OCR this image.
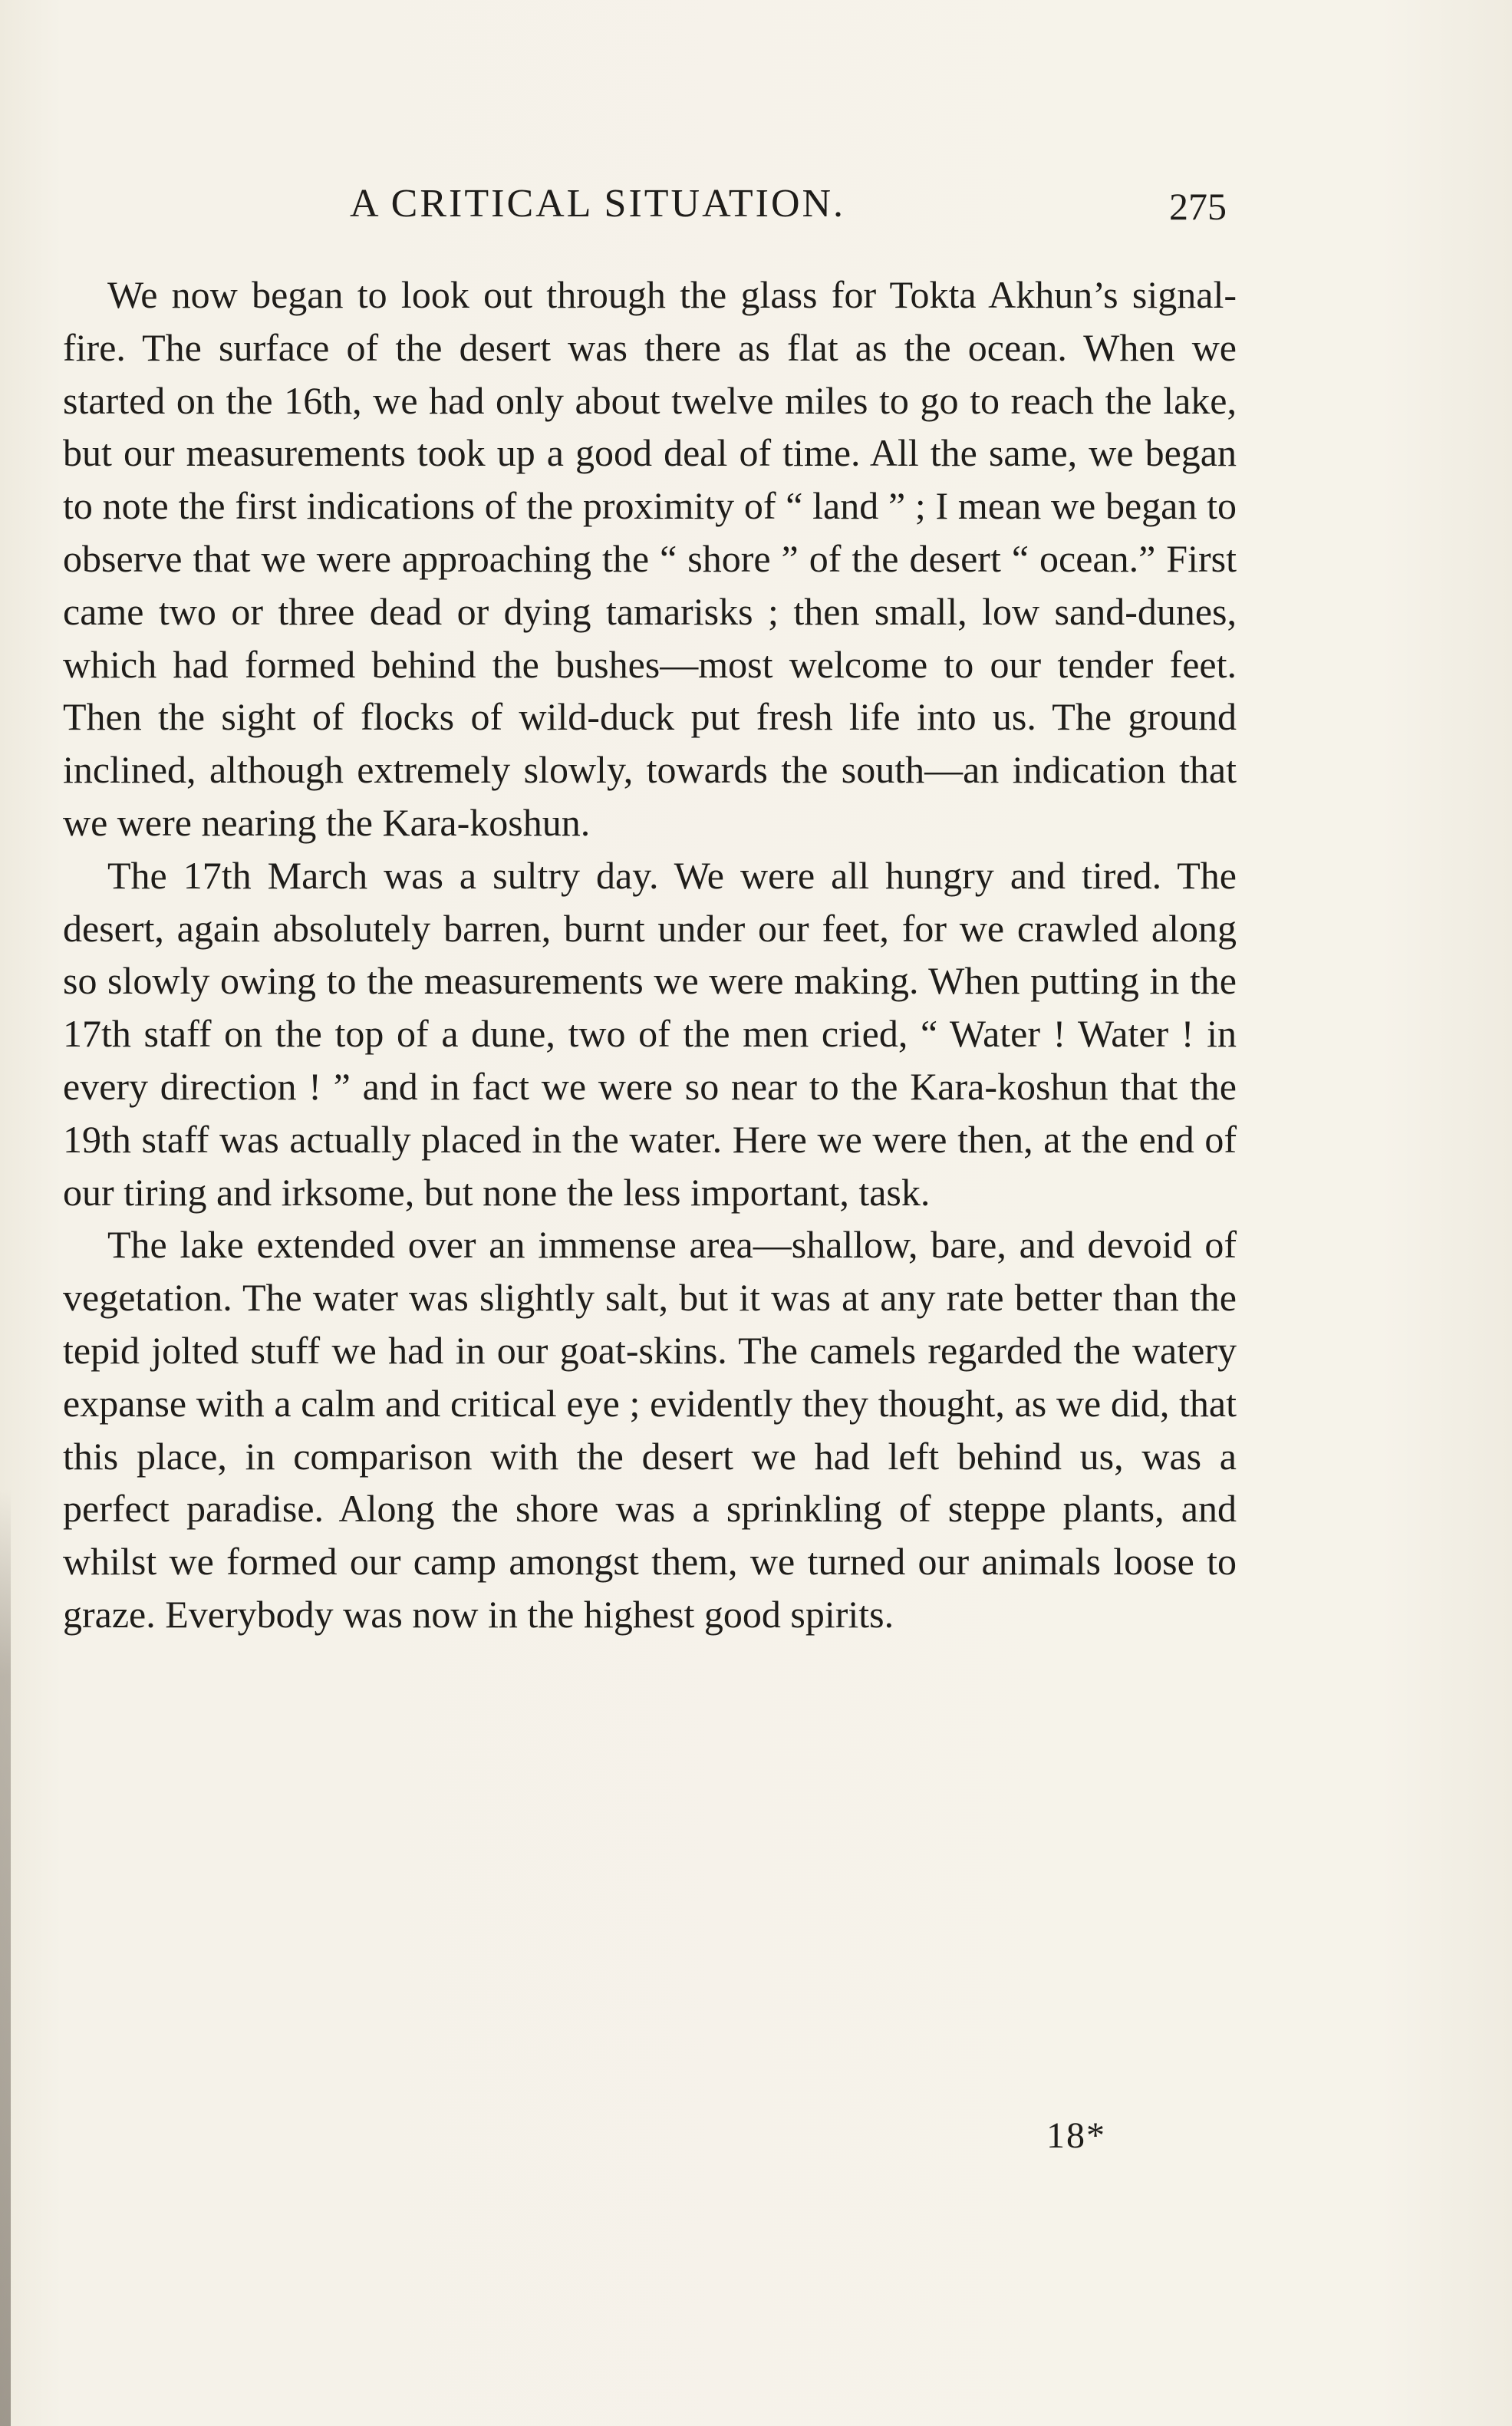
A CRITICAL SITUATION.	275

We now began to look out through the glass for Tokta Akhun’s signal-fire. The surface of the desert was there as flat as the ocean. When we started on the 16th, we had only about twelve miles to go to reach the lake, but our measurements took up a good deal of time. All the same, we began to note the first indications of the proximity of “ land ” ; I mean we began to observe that we were approaching the “ shore ” of the desert “ ocean.” First came two or three dead or dying tamarisks ; then small, low sand-dunes, which had formed behind the bushes—most welcome to our tender feet. Then the sight of flocks of wild-duck put fresh life into us. The ground inclined, although extremely slowly, towards the south—an indication that we were nearing the Kara-koshun.

The 17th March was a sultry day. We were all hungry and tired. The desert, again absolutely barren, burnt under our feet, for we crawled along so slowly owing to the measurements we were making. When putting in the 17th staff on the top of a dune, two of the men cried, “ Water ! Water ! in every direction ! ” and in fact we were so near to the Kara-koshun that the 19th staff was actually placed in the water. Here we were then, at the end of our tiring and irksome, but none the less important, task.

The lake extended over an immense area—shallow, bare, and devoid of vegetation. The water was slightly salt, but it was at any rate better than the tepid jolted stuff we had in our goat-skins. The camels regarded the watery expanse with a calm and critical eye ; evidently they thought, as we did, that this place, in comparison with the desert we had left behind us, was a perfect paradise. Along the shore was a sprinkling of steppe plants, and whilst we formed our camp amongst them, we turned our animals loose to graze. Everybody was now in the highest good spirits.

18*
